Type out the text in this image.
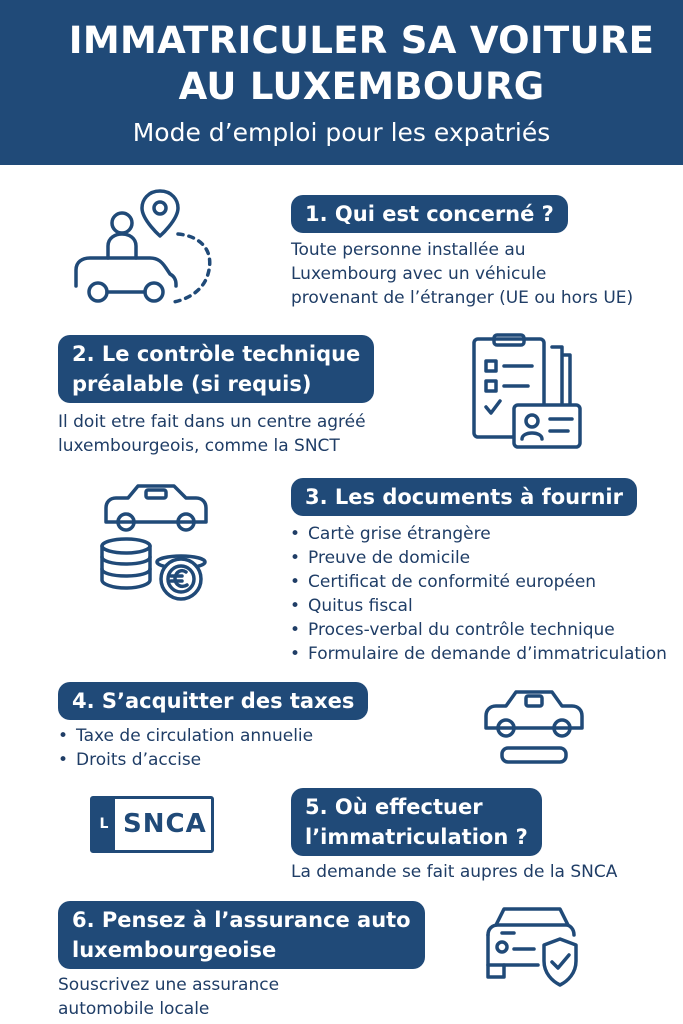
IMMATRICULER SA VOITURE AU LUXEMBOURG
Mode d’emploi pour les expatriés
1. Qui est concerné ?
Toute personne installée au
Luxembourg avec un véhicule
provenant de l’étranger (UE ou hors UE)
2. Le contròle technique
préalable (si requis)
Il doit etre fait dans un centre agréé
luxembourgeois, comme la SNCT
3. Les documents à fournir
• Cartè grise étrangère
• Preuve de domicile
• Certificat de conformité européen
• Quitus fiscal
• Proces-verbal du contrôle technique
• Formulaire de demande d’immatriculation
4. S’acquitter des taxes
• Taxe de circulation annuelie
• Droits d’accise
L SNCA
5. Où effectuer
l’immatriculation ?
La demande se fait aupres de la SNCA
6. Pensez à l’assurance auto
luxembourgeoise
Souscrivez une assurance
automobile locale
